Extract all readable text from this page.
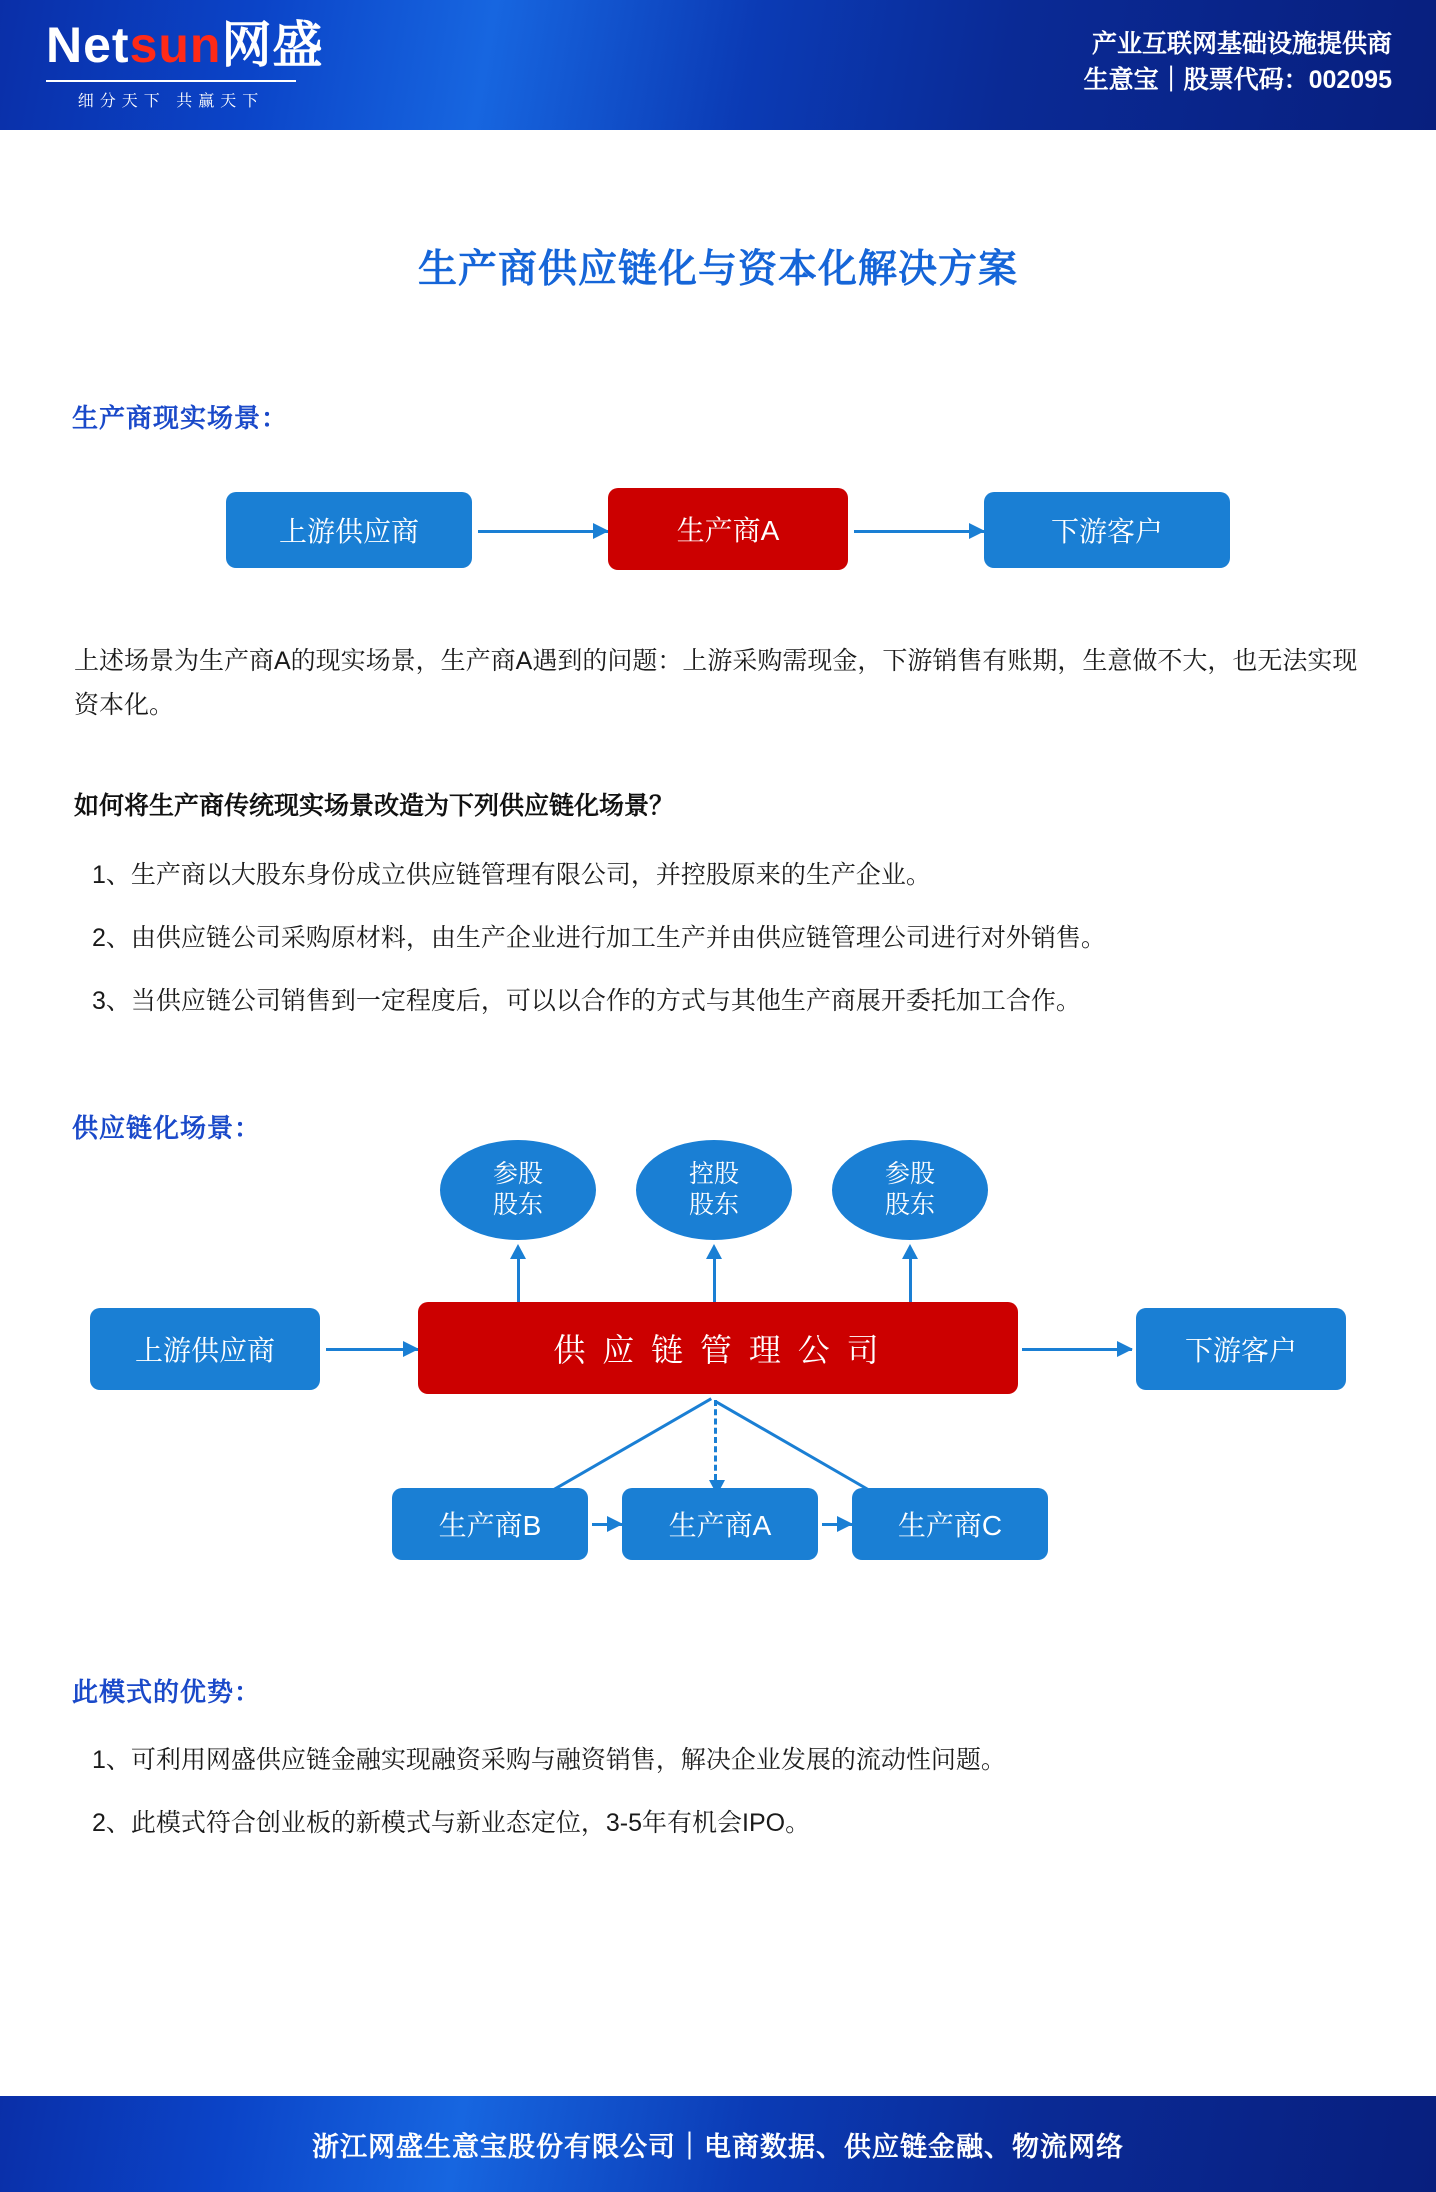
Netsun网盛
细分天下 共赢天下
产业互联网基础设施提供商
生意宝｜股票代码：002095
生产商供应链化与资本化解决方案
生产商现实场景：
上游供应商	生产商A	下游客户
上述场景为生产商A的现实场景，生产商A遇到的问题：上游采购需现金，下游销售有账期，生意做不大，也无法实现资本化。
如何将生产商传统现实场景改造为下列供应链化场景？
1、生产商以大股东身份成立供应链管理有限公司，并控股原来的生产企业。
2、由供应链公司采购原材料，由生产企业进行加工生产并由供应链管理公司进行对外销售。
3、当供应链公司销售到一定程度后，可以以合作的方式与其他生产商展开委托加工合作。
供应链化场景：
参股
股东
控股
股东
参股
股东
上游供应商	供 应 链 管 理 公 司	下游客户
生产商B	生产商A	生产商C
此模式的优势：
1、可利用网盛供应链金融实现融资采购与融资销售，解决企业发展的流动性问题。
2、此模式符合创业板的新模式与新业态定位，3-5年有机会IPO。
浙江网盛生意宝股份有限公司｜电商数据、供应链金融、物流网络
